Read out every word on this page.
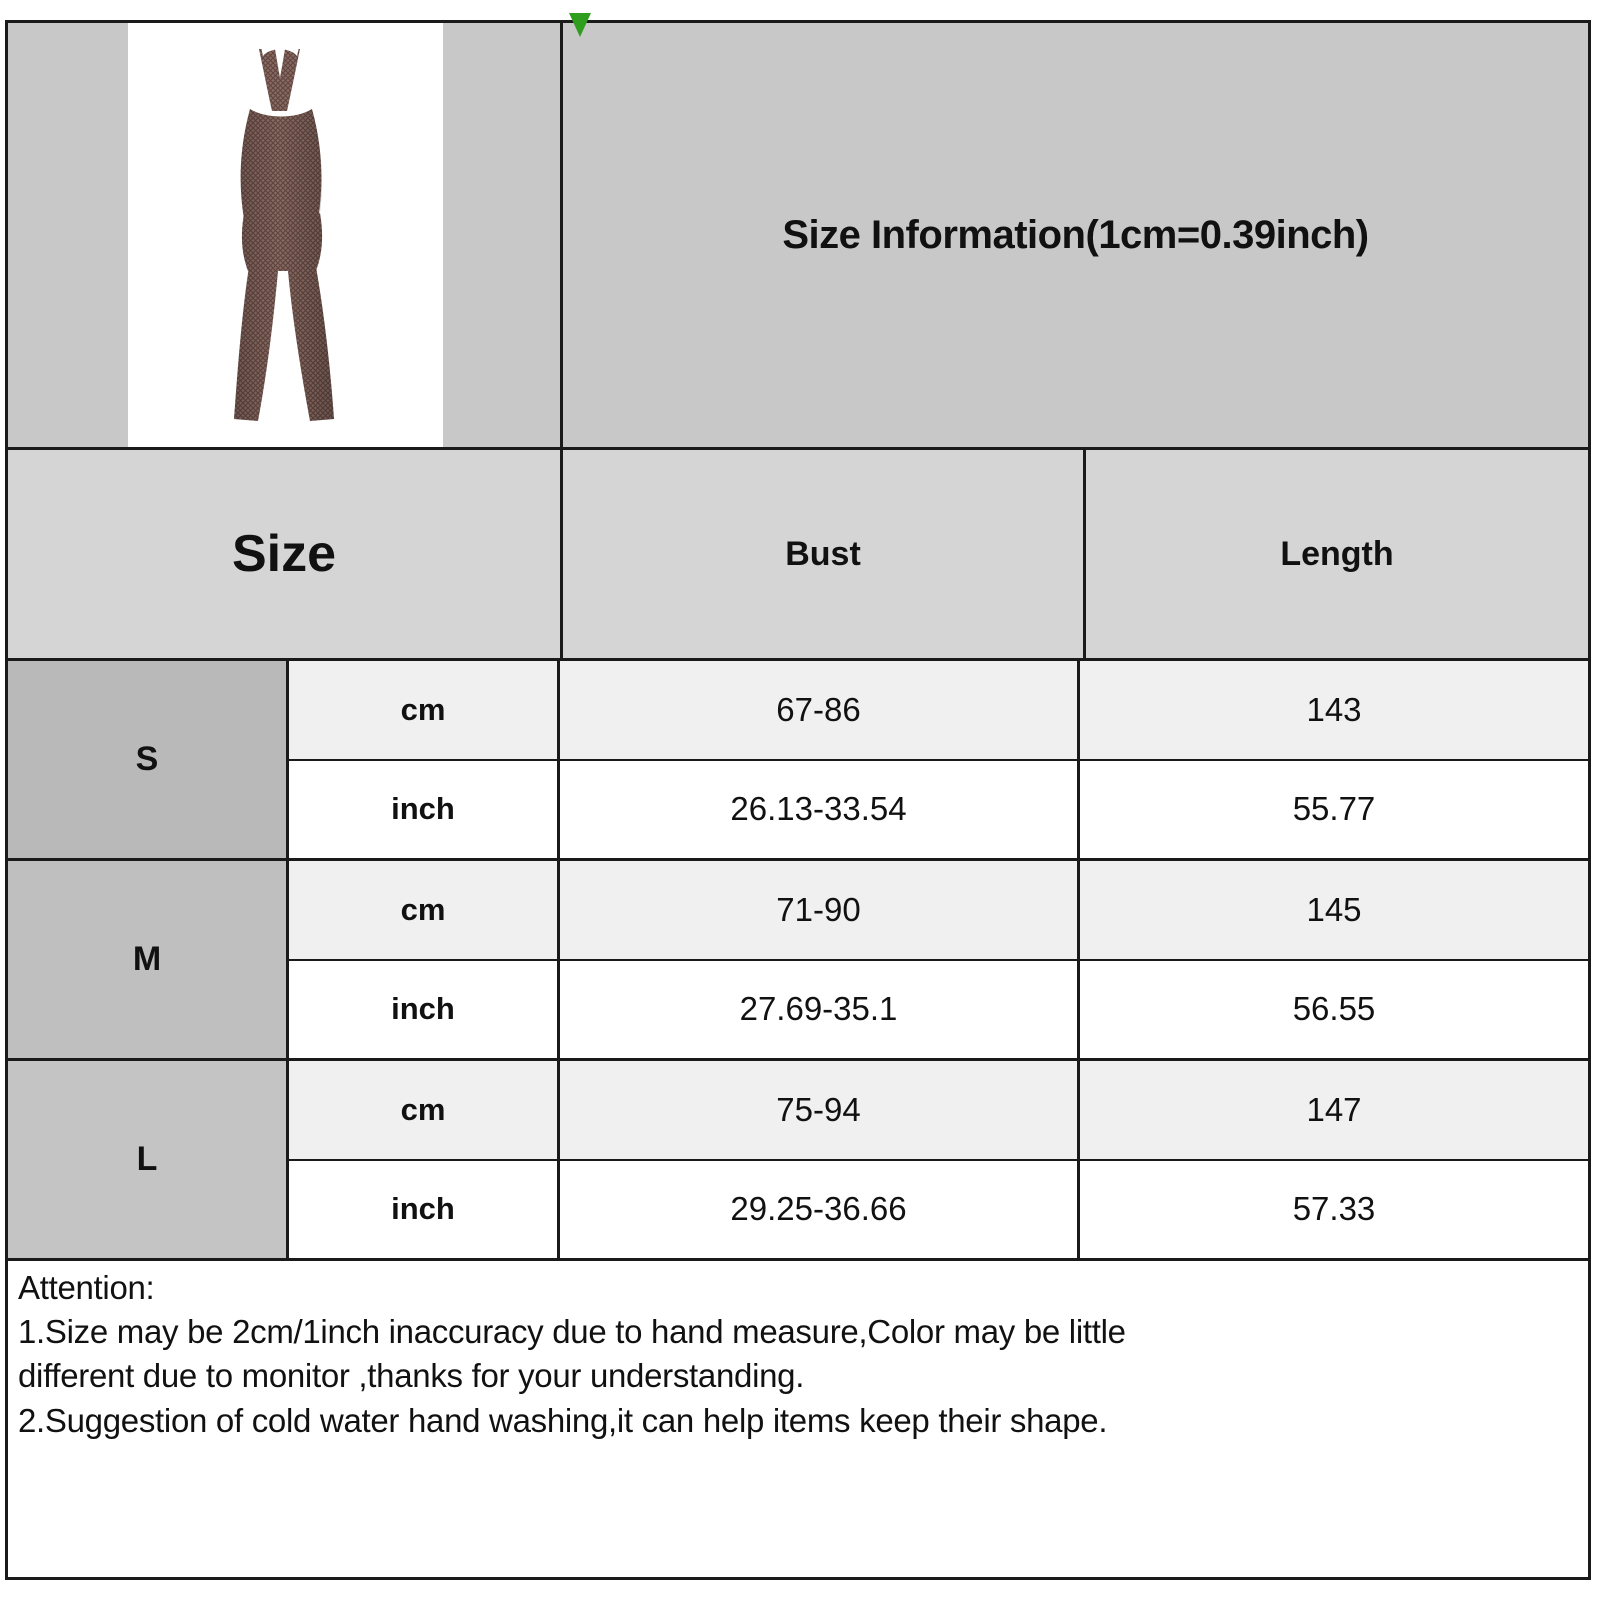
Size Information(1cm=0.39inch)
Size	Bust	Length
S
cm	67-86	143
inch	26.13-33.54	55.77
M
cm	71-90	145
inch	27.69-35.1	56.55
L
cm	75-94	147
inch	29.25-36.66	57.33

Attention:

1.Size may be 2cm/1inch inaccuracy due to hand measure,Color may be little

different due to monitor ,thanks for your understanding.

2.Suggestion of cold water hand washing,it can help items keep their shape.
